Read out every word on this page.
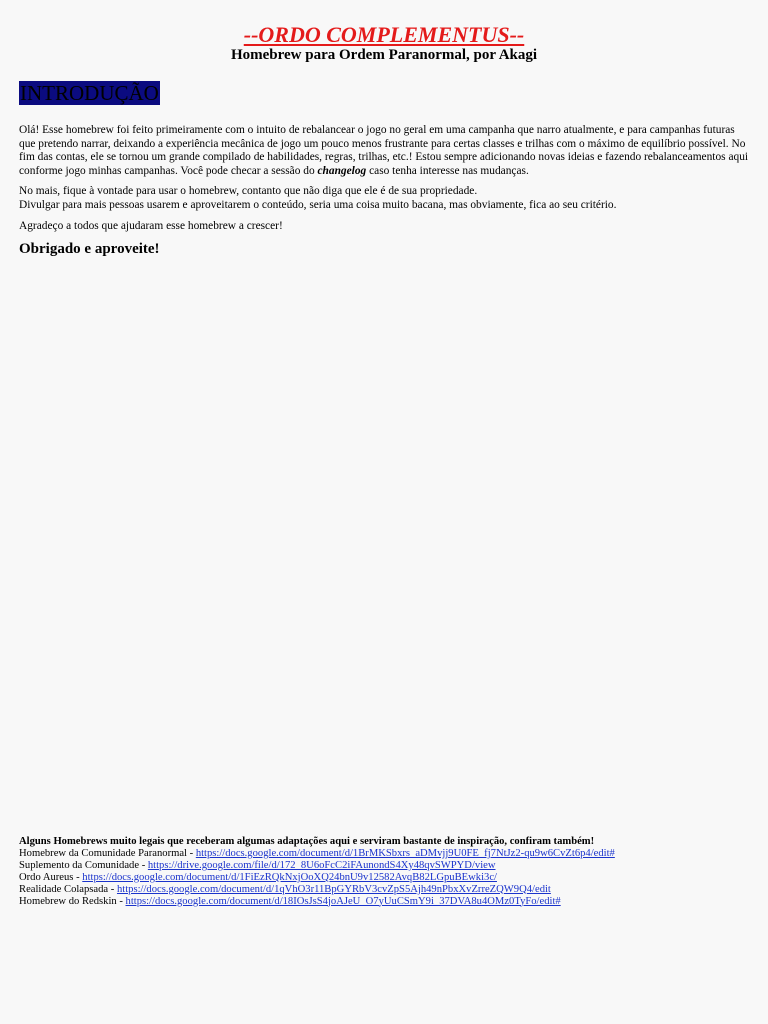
--ORDO COMPLEMENTUS--
Homebrew para Ordem Paranormal, por Akagi
INTRODUÇÃO

Olá! Esse homebrew foi feito primeiramente com o intuito de rebalancear o jogo no geral em uma campanha que narro atualmente, e para campanhas futuras que pretendo narrar, deixando a experiência mecânica de jogo um pouco menos frustrante para certas classes e trilhas com o máximo de equilíbrio possível. No fim das contas, ele se tornou um grande compilado de habilidades, regras, trilhas, etc.! Estou sempre adicionando novas ideias e fazendo rebalanceamentos aqui conforme jogo minhas campanhas. Você pode checar a sessão do changelog caso tenha interesse nas mudanças.

No mais, fique à vontade para usar o homebrew, contanto que não diga que ele é de sua propriedade.
Divulgar para mais pessoas usarem e aproveitarem o conteúdo, seria uma coisa muito bacana, mas obviamente, fica ao seu critério.

Agradeço a todos que ajudaram esse homebrew a crescer!

Obrigado e aproveite!

Alguns Homebrews muito legais que receberam algumas adaptações aqui e serviram bastante de inspiração, confiram também!
Homebrew da Comunidade Paranormal - https://docs.google.com/document/d/1BrMKSbxrs_aDMvjj9U0FE_fj7NtJz2-qu9w6CvZt6p4/edit#
Suplemento da Comunidade - https://drive.google.com/file/d/172_8U6oFcC2iFAunondS4Xy48qvSWPYD/view
Ordo Aureus - https://docs.google.com/document/d/1FiEzRQkNxjOoXQ24bnU9v12582AvqB82LGpuBEwki3c/
Realidade Colapsada - https://docs.google.com/document/d/1qVhO3r11BpGYRbV3cvZpS5Ajh49nPbxXvZrreZQW9Q4/edit
Homebrew do Redskin - https://docs.google.com/document/d/18IOsJsS4joAJeU_O7yUuCSmY9i_37DVA8u4OMz0TyFo/edit#
